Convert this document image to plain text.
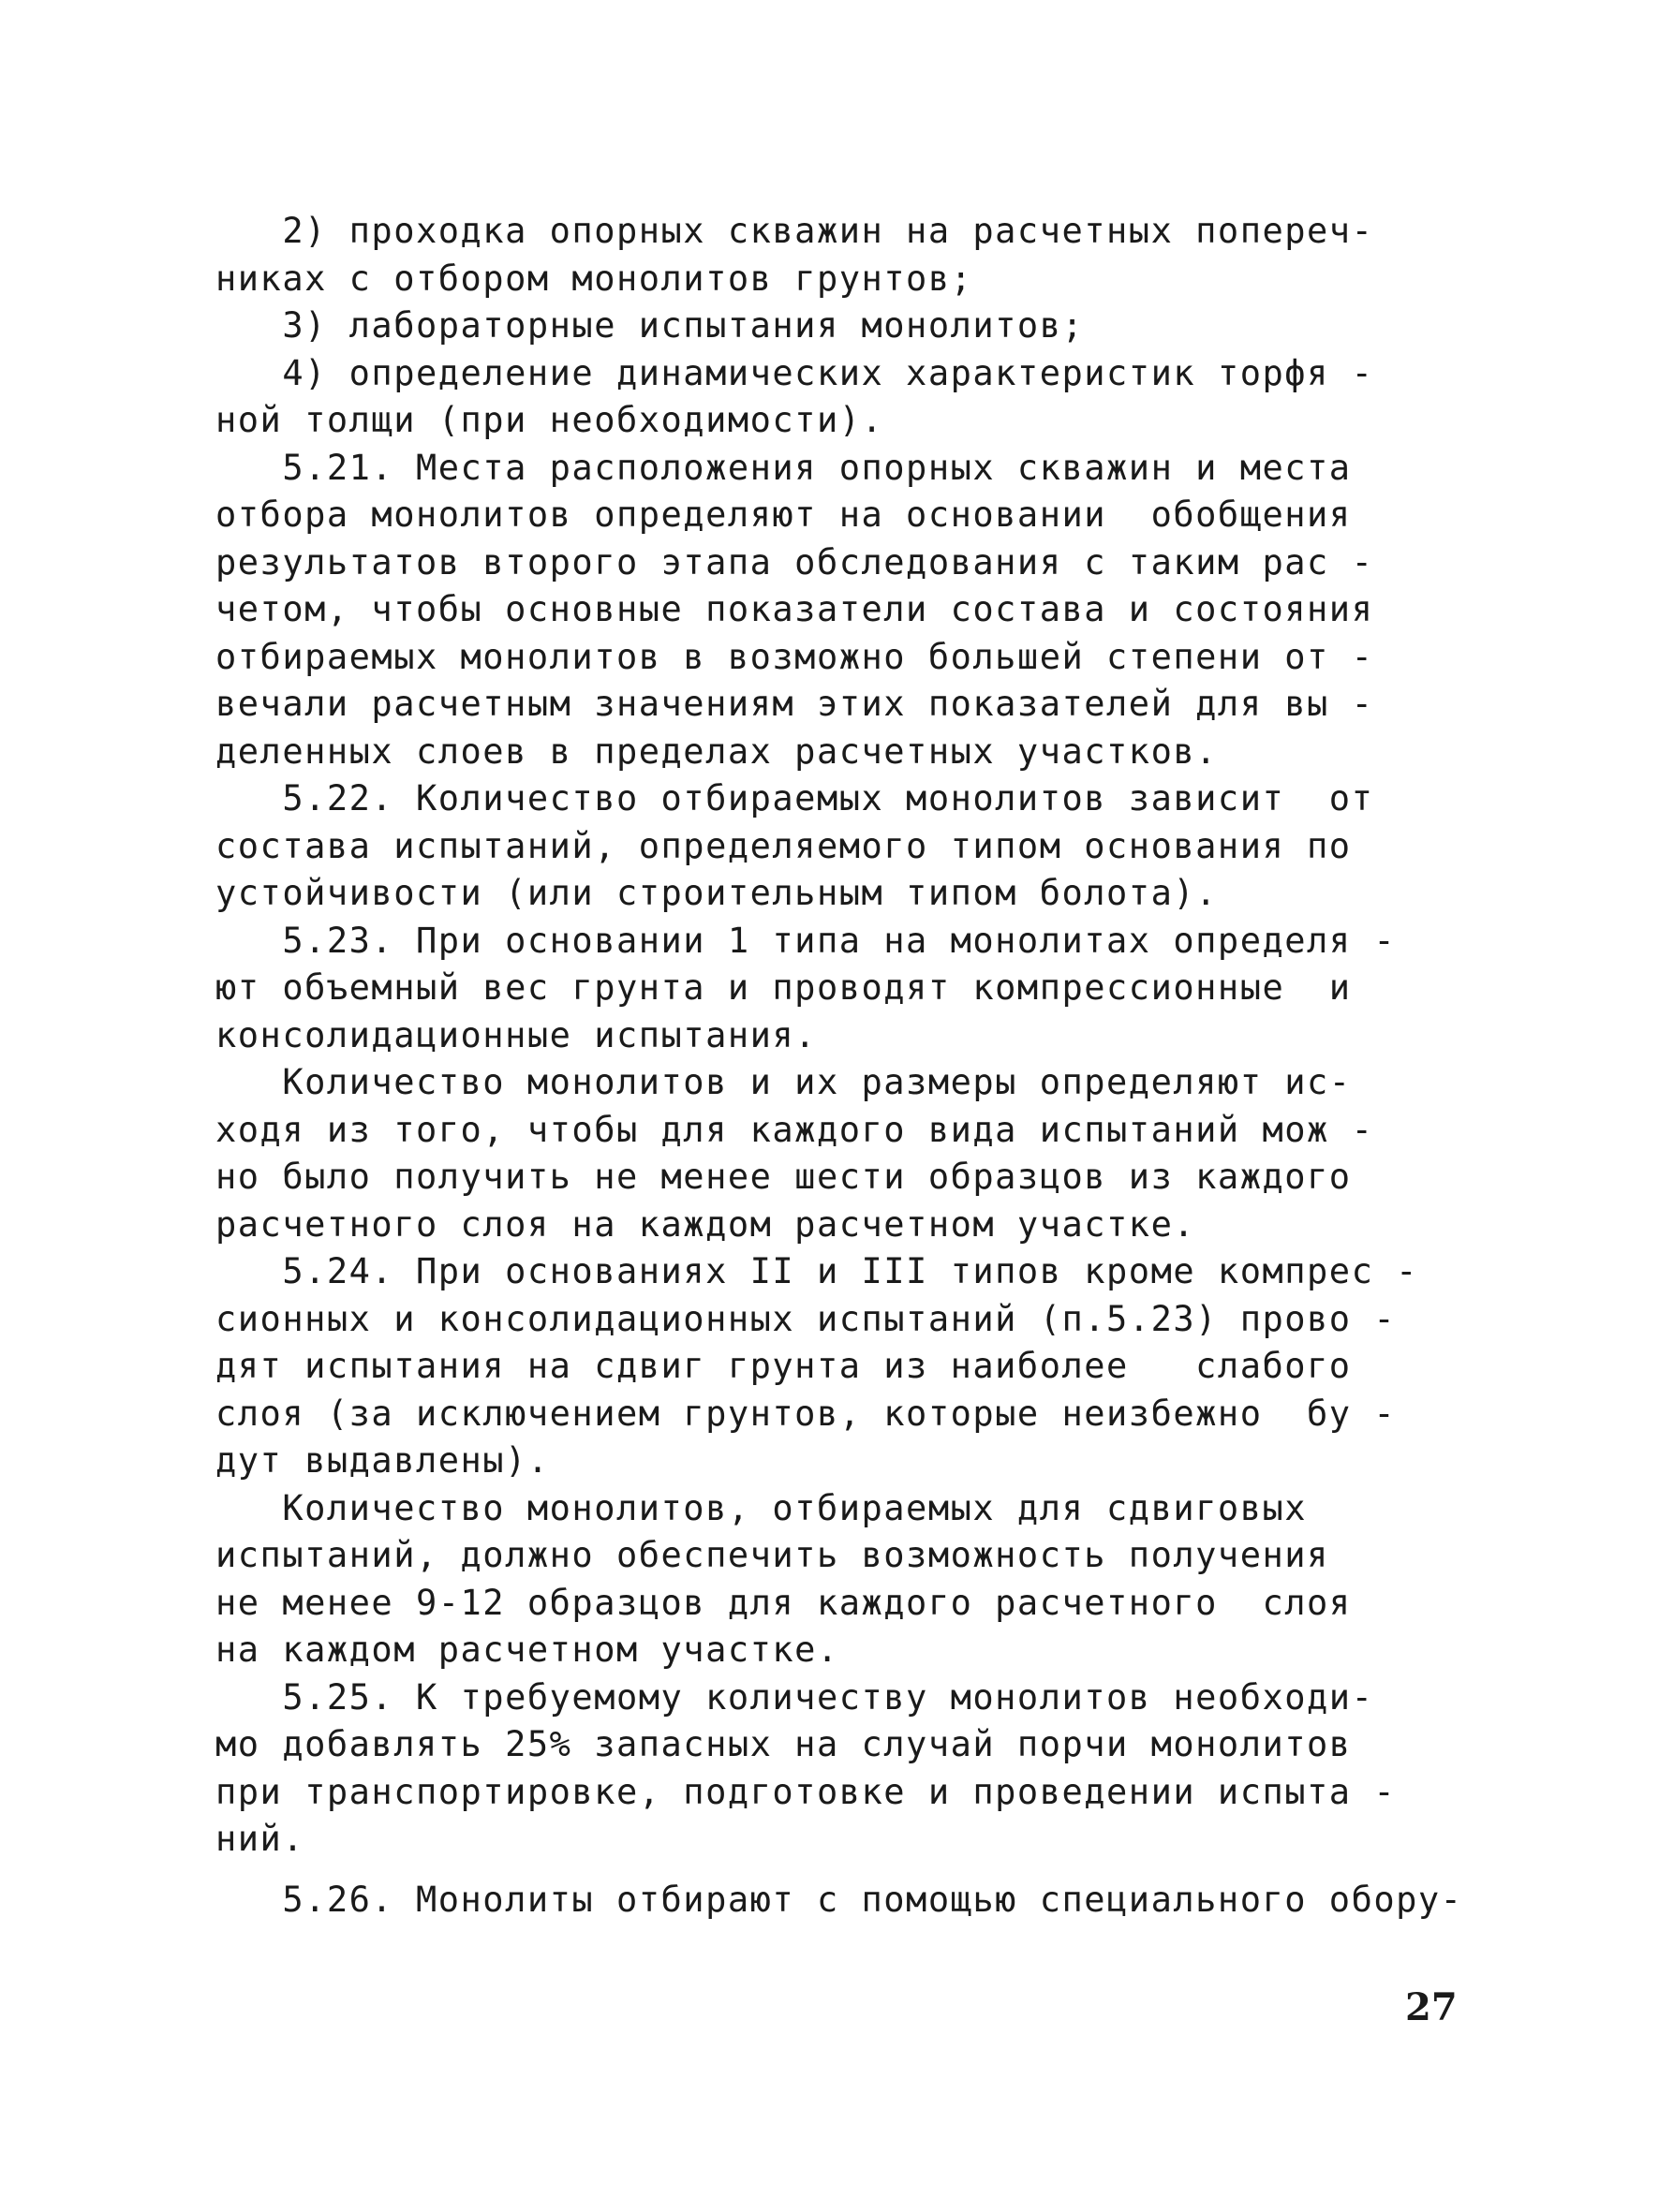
2) проходка опорных скважин на расчетных попереч-
никах с отбором монолитов грунтов;
3) лабораторные испытания монолитов;
4) определение динамических характеристик торфя -
ной толщи (при необходимости).
5.21. Места расположения опорных скважин и места
отбора монолитов определяют на основании  обобщения
результатов второго этапа обследования с таким рас -
четом, чтобы основные показатели состава и состояния
отбираемых монолитов в возможно большей степени от -
вечали расчетным значениям этих показателей для вы -
деленных слоев в пределах расчетных участков.
5.22. Количество отбираемых монолитов зависит  от
состава испытаний, определяемого типом основания по
устойчивости (или строительным типом болота).
5.23. При основании 1 типа на монолитах определя -
ют объемный вес грунта и проводят компрессионные  и
консолидационные испытания.
Количество монолитов и их размеры определяют ис-
ходя из того, чтобы для каждого вида испытаний мож -
но было получить не менее шести образцов из каждого
расчетного слоя на каждом расчетном участке.
5.24. При основаниях II и III типов кроме компрес -
сионных и консолидационных испытаний (п.5.23) прово -
дят испытания на сдвиг грунта из наиболее   слабого
слоя (за исключением грунтов, которые неизбежно  бу -
дут выдавлены).
Количество монолитов, отбираемых для сдвиговых
испытаний, должно обеспечить возможность получения
не менее 9-12 образцов для каждого расчетного  слоя
на каждом расчетном участке.
5.25. К требуемому количеству монолитов необходи-
мо добавлять 25% запасных на случай порчи монолитов
при транспортировке, подготовке и проведении испыта -
ний.
5.26. Монолиты отбирают с помощью специального обору-
27
